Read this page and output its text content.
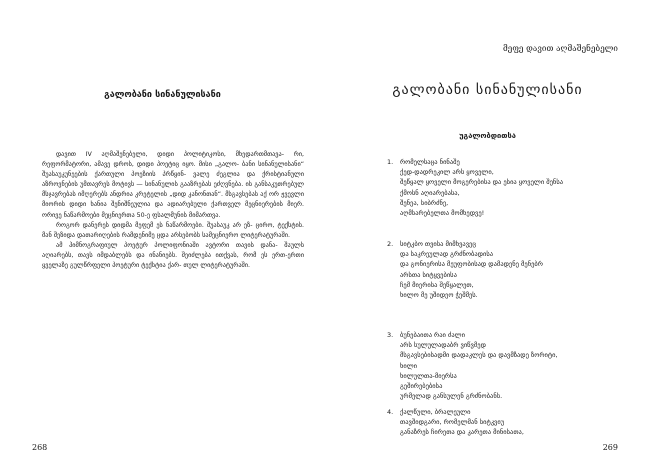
გალობანი სინანულისანი

დავით IV აღმაშენებელი, დიდი პოლიტიკოსი, მხედართმთავა- რი, რეფორმატორი, ამავე დროს, დიდი პოეტიც იყო. მისი „გალო- ბანი სინანულისანი“ შუასაუკუნეების ქართული პოეზიის პრწყინ- ვალე ძეგლია და ქრისტიანული აზროვნების უმთავრეს მოტივს — სინანულის გააზრებას ეძღვნება. ის განსაკუთრებულ მსჯავრებას იმღერებს ანდრია კრეტელის „დიდ კანონთან“. მსგავსებას აქ ორ ჟვევლი მიორის დიდი ხანია შენიშნეულია და ადიარებული ქართველ მეცნიერების მიერ. ორივე ნაწარმოები მეცნიერთა 50-ე ფსალმუნის მიმართვა.

როგორ დანერეს დიდმა მეფემ ეს ნაწარმოები. შუასაუკ არ ეზ- ცირო, ტექსტის. მან შეზიდა დათარიღების რამდენიმე ცდა არსებობს სამეცნიერო ლიტერატურაში.

ამ ჰიმნოგრაფიულ პოეტურ პოლიფონიაში ავტორი თავის დანა- შაულს აღიარებს, თავს იმდაბლებს და ინანიებს. შეიძლება ითქვას, რომ ეს ერთ-ერთი ყველაზე გულწრფელი პოეტური ტექსტია ქარ- თულ ლიტერატურაში.

268
მეფე დავით აღმაშენებელი
გალობანი სინანულისანი
უგალობდითსა
1. რომელსაცა ნინაშე
ქედ-დადრეკილ არს ყოველი,
შეწყალ ყოველი მოგერებისა და ესია ყოველი შენსა
ქმოსნ აღიარებასა,
შენეა, სიბრძნე,
აღმსარებელთა მომხედვე!
2. სიტკბო თვისა მიმხვავეც
და საკრეულად გრძნობადისა
და გონიერისა მეუფობისად დამადენე მენებრ
არსთა სიტყვებისა
ჩემ მიერისა შეწყალეთ,
ხილო მე უშიდეო ჭეშმეს.
3. ბუნებაითა რაი ძალი
არს სულულადაბრ ვიწვმედ
მსგავსებისადმი დადაკლეს და დავმზადე ზორიტი,
ხილი
ხილულთა-მიერსა
გეშირებებისა
ურმელად განსულენ გრძნობანს.
4. ქალწული, ბრალეული
თავშიდგარი, რომელმან სიტკვიუ
განაზრეს ჩირეთა და კარეთა მინისათა,
269
